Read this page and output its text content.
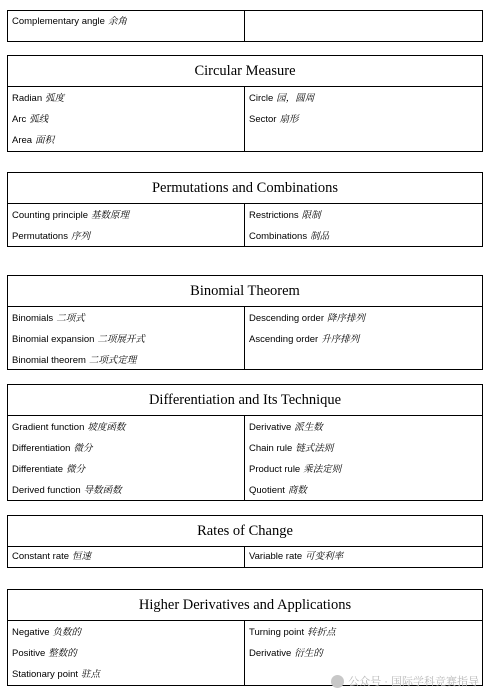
Complementary angle 余角
Circular Measure
Radian 弧度
Arc 弧线
Area 面积
Circle 园，圆周
Sector 扇形
Permutations and Combinations
Counting principle 基数原理
Permutations 序列
Restrictions 限制
Combinations 制品
Binomial Theorem
Binomials 二项式
Binomial expansion 二项展开式
Binomial theorem 二项式定理
Descending order 降序排列
Ascending order 升序排列
Differentiation and Its Technique
Gradient function 坡度函数
Differentiation 微分
Differentiate 微分
Derived function 导数函数
Derivative 派生数
Chain rule 链式法则
Product rule 乘法定则
Quotient 商数
Rates of Change
Constant rate 恒速	Variable rate 可变利率
Higher Derivatives and Applications
Negative 负数的
Positive 整数的
Stationary point 驻点
Turning point 转折点
Derivative 衍生的
公众号 · 国际学科竞赛指导
